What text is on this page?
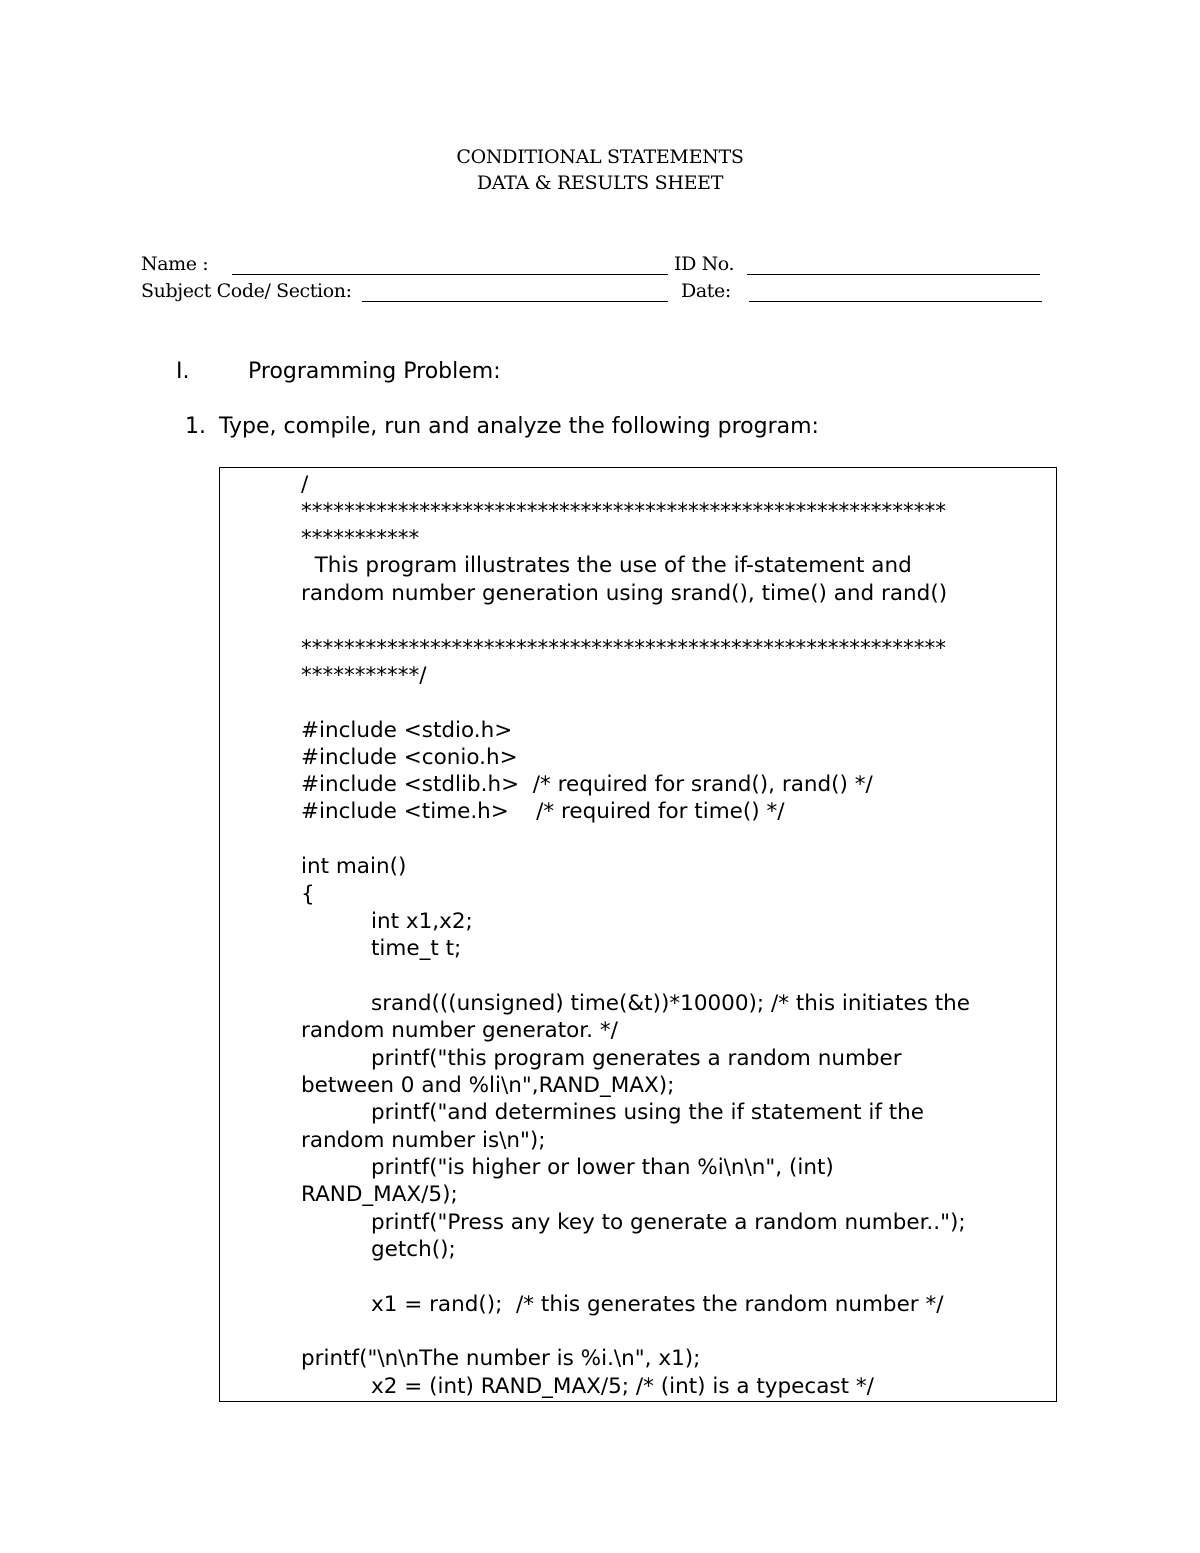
CONDITIONAL STATEMENTS
DATA & RESULTS SHEET
Name :	ID No.
Subject Code/ Section:	Date:
I.	Programming Problem:
1. Type, compile, run and analyze the following program:
/
************************************************************
***********
This program illustrates the use of the if-statement and
random number generation using srand(), time() and rand()
************************************************************
***********/
#include <stdio.h>
#include <conio.h>
#include <stdlib.h>  /* required for srand(), rand() */
#include <time.h>    /* required for time() */
int main()
{
int x1,x2;
time_t t;
srand(((unsigned) time(&t))*10000); /* this initiates the
random number generator. */
printf("this program generates a random number
between 0 and %li\n",RAND_MAX);
printf("and determines using the if statement if the
random number is\n");
printf("is higher or lower than %i\n\n", (int)
RAND_MAX/5);
printf("Press any key to generate a random number..");
getch();
x1 = rand();  /* this generates the random number */
printf("\n\nThe number is %i.\n", x1);
x2 = (int) RAND_MAX/5; /* (int) is a typecast */
